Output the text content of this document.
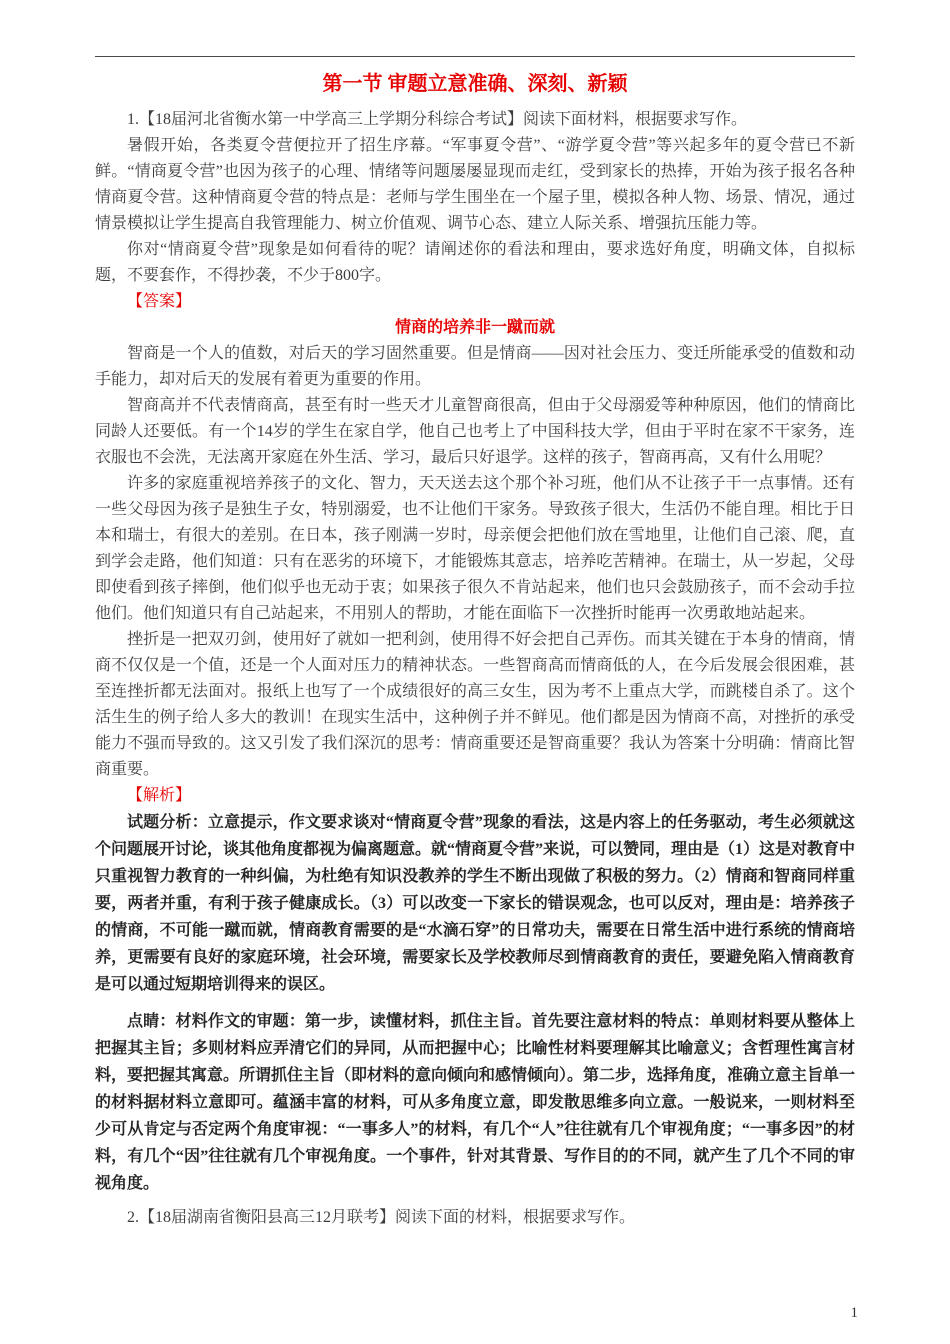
第一节 审题立意准确、深刻、新颖

1.【18届河北省衡水第一中学高三上学期分科综合考试】阅读下面材料，根据要求写作。

暑假开始，各类夏令营便拉开了招生序幕。“军事夏令营”、“游学夏令营”等兴起多年的夏令营已不新鲜。“情商夏令营”也因为孩子的心理、情绪等问题屡屡显现而走红，受到家长的热捧，开始为孩子报名各种情商夏令营。这种情商夏令营的特点是：老师与学生围坐在一个屋子里，模拟各种人物、场景、情况，通过情景模拟让学生提高自我管理能力、树立价值观、调节心态、建立人际关系、增强抗压能力等。

你对“情商夏令营”现象是如何看待的呢？请阐述你的看法和理由，要求选好角度，明确文体，自拟标题，不要套作，不得抄袭，不少于800字。

【答案】

情商的培养非一蹴而就

智商是一个人的值数，对后天的学习固然重要。但是情商——因对社会压力、变迁所能承受的值数和动手能力，却对后天的发展有着更为重要的作用。

智商高并不代表情商高，甚至有时一些天才儿童智商很高，但由于父母溺爱等种种原因，他们的情商比同龄人还要低。有一个14岁的学生在家自学，他自己也考上了中国科技大学，但由于平时在家不干家务，连衣服也不会洗，无法离开家庭在外生活、学习，最后只好退学。这样的孩子，智商再高，又有什么用呢？

许多的家庭重视培养孩子的文化、智力，天天送去这个那个补习班，他们从不让孩子干一点事情。还有一些父母因为孩子是独生子女，特别溺爱，也不让他们干家务。导致孩子很大，生活仍不能自理。相比于日本和瑞士，有很大的差别。在日本，孩子刚满一岁时，母亲便会把他们放在雪地里，让他们自己滚、爬，直到学会走路，他们知道：只有在恶劣的环境下，才能锻炼其意志，培养吃苦精神。在瑞士，从一岁起，父母即使看到孩子摔倒，他们似乎也无动于衷；如果孩子很久不肯站起来，他们也只会鼓励孩子，而不会动手拉他们。他们知道只有自己站起来，不用别人的帮助，才能在面临下一次挫折时能再一次勇敢地站起来。

挫折是一把双刃剑，使用好了就如一把利剑，使用得不好会把自己弄伤。而其关键在于本身的情商，情商不仅仅是一个值，还是一个人面对压力的精神状态。一些智商高而情商低的人，在今后发展会很困难，甚至连挫折都无法面对。报纸上也写了一个成绩很好的高三女生，因为考不上重点大学，而跳楼自杀了。这个活生生的例子给人多大的教训！在现实生活中，这种例子并不鲜见。他们都是因为情商不高，对挫折的承受能力不强而导致的。这又引发了我们深沉的思考：情商重要还是智商重要？我认为答案十分明确：情商比智商重要。

【解析】

试题分析：立意提示，作文要求谈对“情商夏令营”现象的看法，这是内容上的任务驱动，考生必须就这个问题展开讨论，谈其他角度都视为偏离题意。就“情商夏令营”来说，可以赞同，理由是（1）这是对教育中只重视智力教育的一种纠偏，为杜绝有知识没教养的学生不断出现做了积极的努力。（2）情商和智商同样重要，两者并重，有利于孩子健康成长。（3）可以改变一下家长的错误观念，也可以反对，理由是：培养孩子的情商，不可能一蹴而就，情商教育需要的是“水滴石穿”的日常功夫，需要在日常生活中进行系统的情商培养，更需要有良好的家庭环境，社会环境，需要家长及学校教师尽到情商教育的责任，要避免陷入情商教育是可以通过短期培训得来的误区。

点睛：材料作文的审题：第一步，读懂材料，抓住主旨。首先要注意材料的特点：单则材料要从整体上把握其主旨；多则材料应弄清它们的异同，从而把握中心；比喻性材料要理解其比喻意义；含哲理性寓言材料，要把握其寓意。所谓抓住主旨（即材料的意向倾向和感情倾向）。第二步，选择角度，准确立意主旨单一的材料据材料立意即可。蕴涵丰富的材料，可从多角度立意，即发散思维多向立意。一般说来，一则材料至少可从肯定与否定两个角度审视：“一事多人”的材料，有几个“人”往往就有几个审视角度；“一事多因”的材料，有几个“因”往往就有几个审视角度。一个事件，针对其背景、写作目的的不同，就产生了几个不同的审视角度。

2.【18届湖南省衡阳县高三12月联考】阅读下面的材料，根据要求写作。

1
